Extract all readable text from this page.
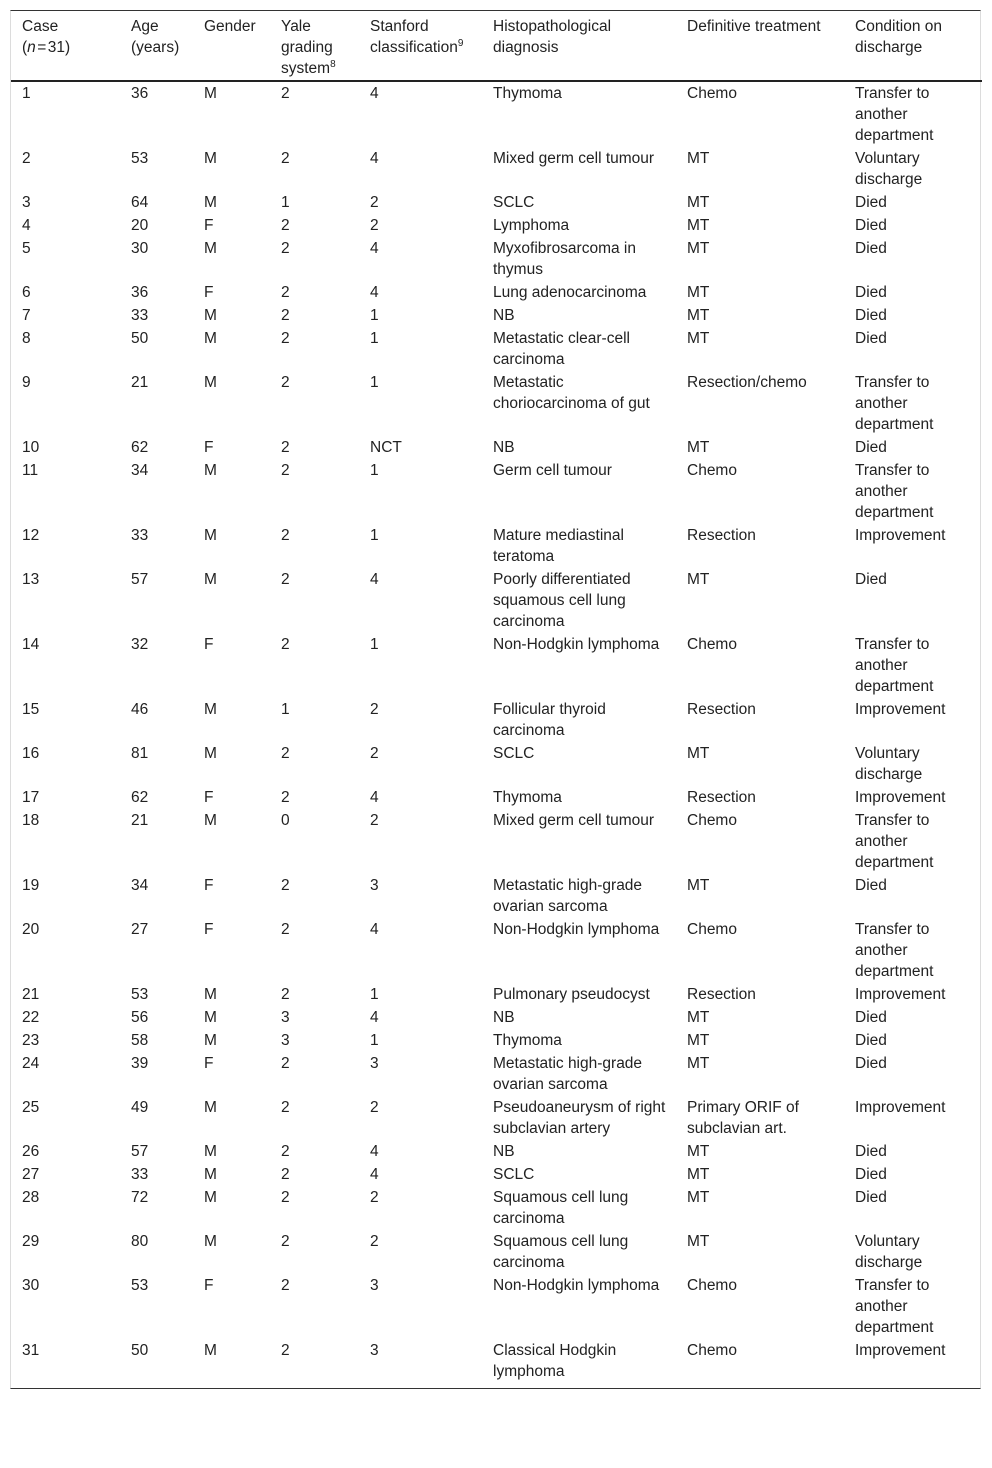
Case
(n=31)	Age (years)	Gender	Yale grading system$^8$	Stanford classification$^9$	Histopathological diagnosis	Definitive treatment	Condition on discharge
1	36	M	2	4	Thymoma	Chemo	Transfer to another department
2	53	M	2	4	Mixed germ cell tumour	MT	Voluntary discharge
3	64	M	1	2	SCLC	MT	Died
4	20	F	2	2	Lymphoma	MT	Died
5	30	M	2	4	Myxofibrosarcoma in thymus	MT	Died
6	36	F	2	4	Lung adenocarcinoma	MT	Died
7	33	M	2	1	NB	MT	Died
8	50	M	2	1	Metastatic clear-cell carcinoma	MT	Died
9	21	M	2	1	Metastatic choriocarcinoma of gut	Resection/chemo	Transfer to another department
10	62	F	2	NCT	NB	MT	Died
11	34	M	2	1	Germ cell tumour	Chemo	Transfer to another department
12	33	M	2	1	Mature mediastinal teratoma	Resection	Improvement
13	57	M	2	4	Poorly differentiated squamous cell lung carcinoma	MT	Died
14	32	F	2	1	Non-Hodgkin lymphoma	Chemo	Transfer to another department
15	46	M	1	2	Follicular thyroid carcinoma	Resection	Improvement
16	81	M	2	2	SCLC	MT	Voluntary discharge
17	62	F	2	4	Thymoma	Resection	Improvement
18	21	M	0	2	Mixed germ cell tumour	Chemo	Transfer to another department
19	34	F	2	3	Metastatic high-grade ovarian sarcoma	MT	Died
20	27	F	2	4	Non-Hodgkin lymphoma	Chemo	Transfer to another department
21	53	M	2	1	Pulmonary pseudocyst	Resection	Improvement
22	56	M	3	4	NB	MT	Died
23	58	M	3	1	Thymoma	MT	Died
24	39	F	2	3	Metastatic high-grade ovarian sarcoma	MT	Died
25	49	M	2	2	Pseudoaneurysm of right subclavian artery	Primary ORIF of subclavian art.	Improvement
26	57	M	2	4	NB	MT	Died
27	33	M	2	4	SCLC	MT	Died
28	72	M	2	2	Squamous cell lung carcinoma	MT	Died
29	80	M	2	2	Squamous cell lung carcinoma	MT	Voluntary discharge
30	53	F	2	3	Non-Hodgkin lymphoma	Chemo	Transfer to another department
31	50	M	2	3	Classical Hodgkin lymphoma	Chemo	Improvement
